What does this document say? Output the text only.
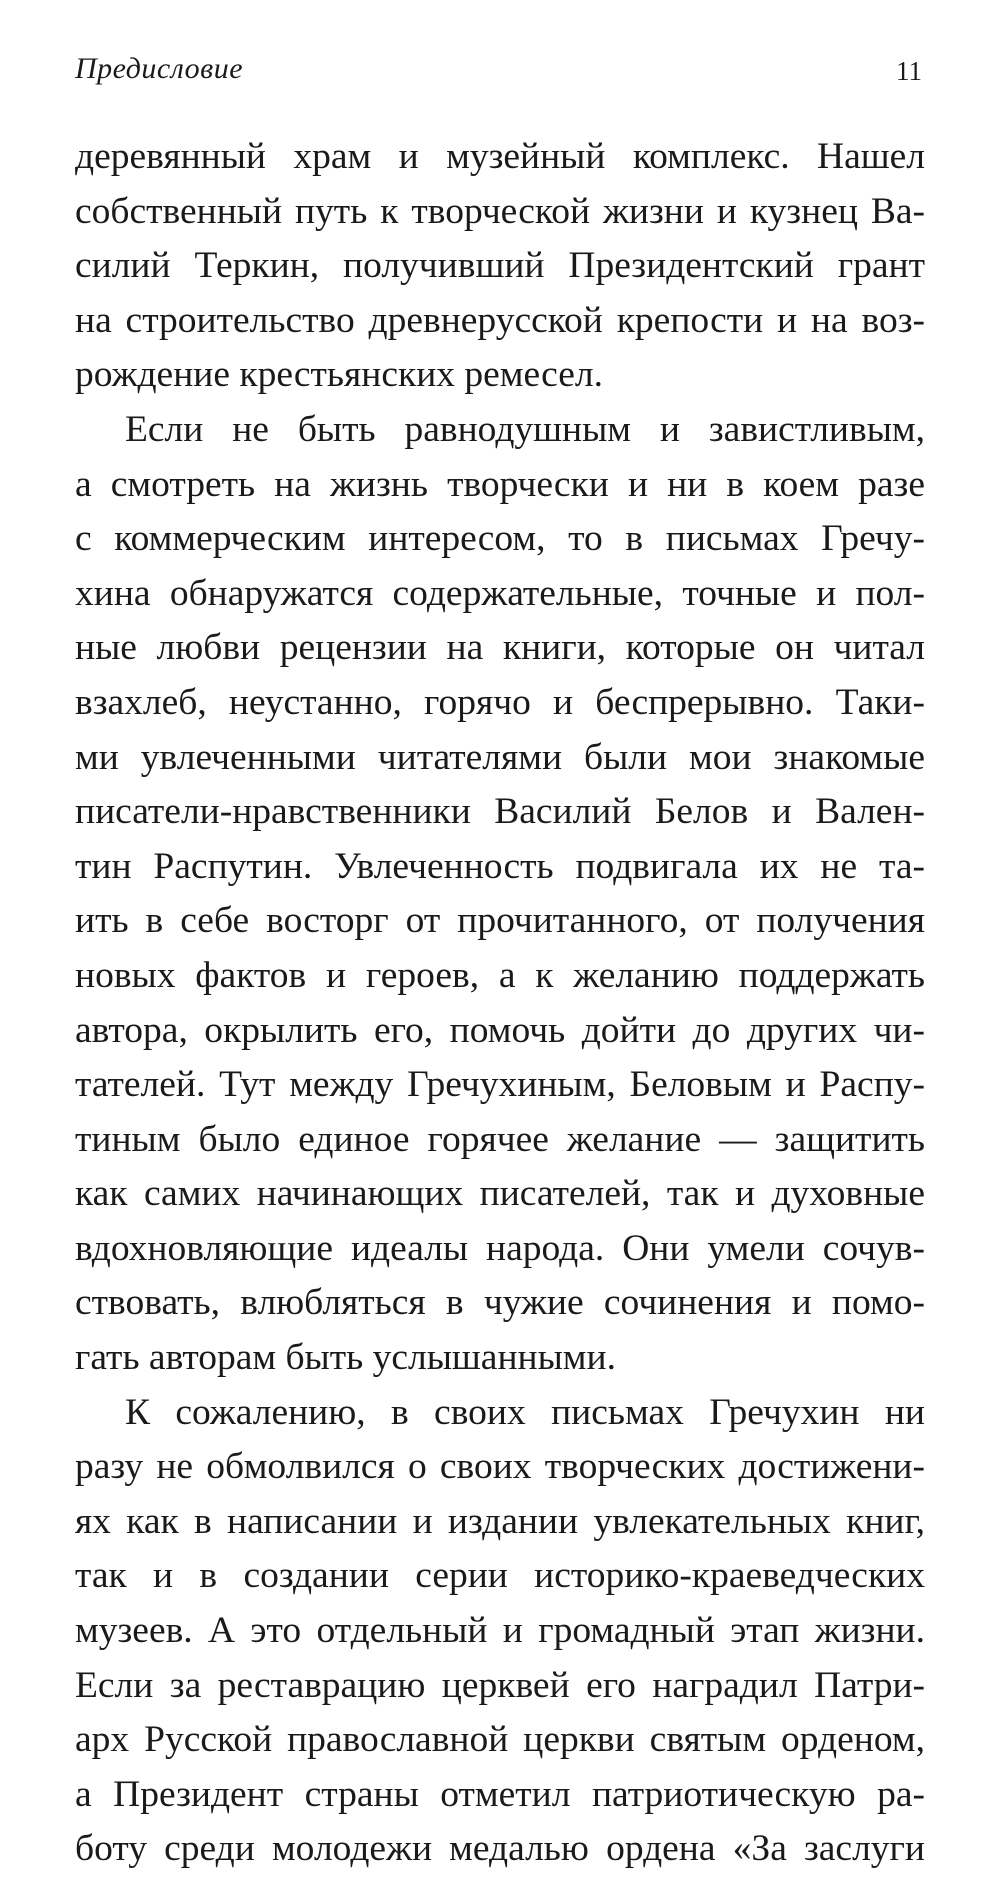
Предисловие	11
деревянный храм и музейный комплекс. Нашел
собственный путь к творческой жизни и кузнец Ва-
силий Теркин, получивший Президентский грант
на строительство древнерусской крепости и на воз-
рождение крестьянских ремесел.
Если не быть равнодушным и завистливым,
а смотреть на жизнь творчески и ни в коем разе
с коммерческим интересом, то в письмах Гречу-
хина обнаружатся содержательные, точные и пол-
ные любви рецензии на книги, которые он читал
взахлеб, неустанно, горячо и беспрерывно. Таки-
ми увлеченными читателями были мои знакомые
писатели-нравственники Василий Белов и Вален-
тин Распутин. Увлеченность подвигала их не та-
ить в себе восторг от прочитанного, от получения
новых фактов и героев, а к желанию поддержать
автора, окрылить его, помочь дойти до других чи-
тателей. Тут между Гречухиным, Беловым и Распу-
тиным было единое горячее желание — защитить
как самих начинающих писателей, так и духовные
вдохновляющие идеалы народа. Они умели сочув-
ствовать, влюбляться в чужие сочинения и помо-
гать авторам быть услышанными.
К сожалению, в своих письмах Гречухин ни
разу не обмолвился о своих творческих достижени-
ях как в написании и издании увлекательных книг,
так и в создании серии историко-краеведческих
музеев. А это отдельный и громадный этап жизни.
Если за реставрацию церквей его наградил Патри-
арх Русской православной церкви святым орденом,
а Президент страны отметил патриотическую ра-
боту среди молодежи медалью ордена «За заслуги
